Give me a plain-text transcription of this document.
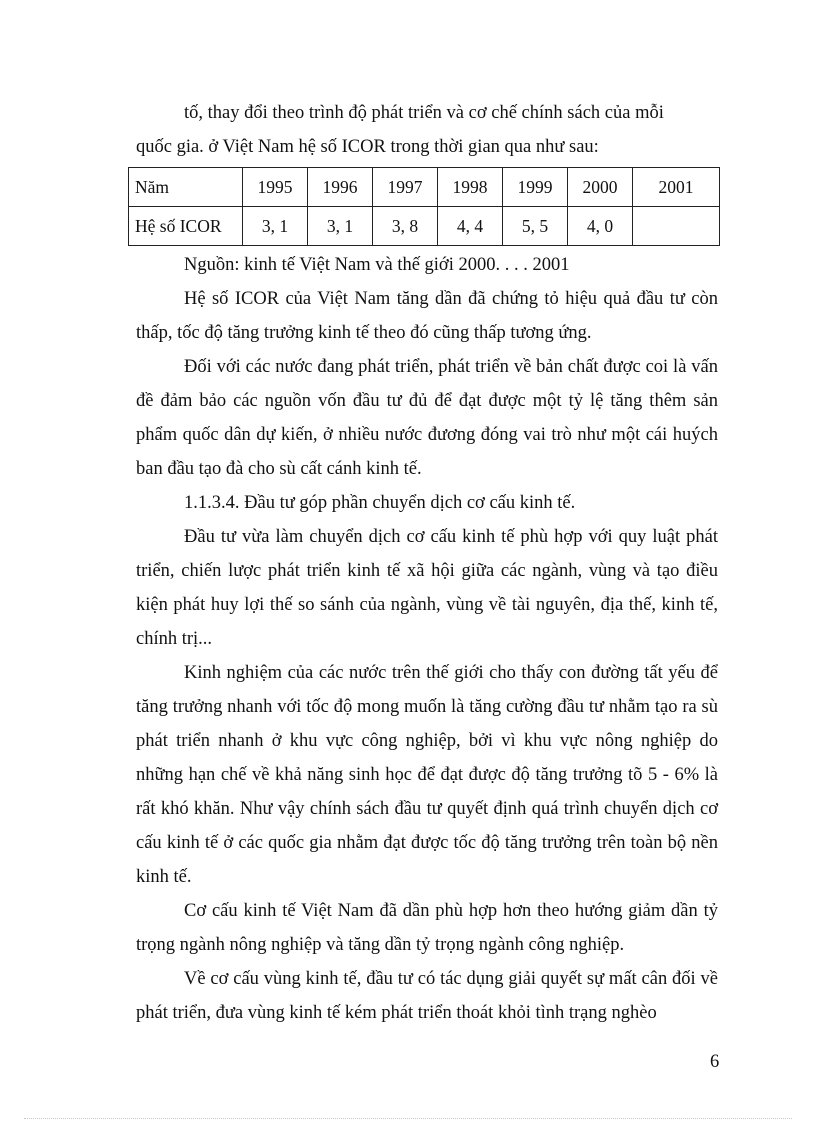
tố, thay đổi theo trình độ phát triển và cơ chế chính sách của mỗi

quốc gia. ở Việt Nam hệ số ICOR trong thời gian qua như sau:

Năm	1995	1996	1997	1998	1999	2000	2001
Hệ số ICOR	3, 1	3, 1	3, 8	4, 4	5, 5	4, 0	

Nguồn: kinh tế Việt Nam và thế giới 2000. . . . 2001

Hệ số ICOR của Việt Nam tăng dần đã chứng tỏ hiệu quả đầu tư còn thấp, tốc độ tăng trưởng kinh tế theo đó cũng thấp tương ứng.

Đối với các nước đang phát triển, phát triển về bản chất được coi là vấn đề đảm bảo các nguồn vốn đầu tư đủ để đạt được một tỷ lệ tăng thêm sản phẩm quốc dân dự kiến, ở nhiều nước đương đóng vai trò như một cái huých ban đầu tạo đà cho sù cất cánh kinh tế.

1.1.3.4. Đầu tư góp phần chuyển dịch cơ cấu kinh tế.

Đầu tư vừa làm chuyển dịch cơ cấu kinh tế phù hợp với quy luật phát triển, chiến lược phát triển kinh tế xã hội giữa các ngành, vùng và tạo điều kiện phát huy lợi thế so sánh của ngành, vùng về tài nguyên, địa thế, kinh tế, chính trị...

Kinh nghiệm của các nước trên thế giới cho thấy con đường tất yếu để tăng trưởng nhanh với tốc độ mong muốn là tăng cường đầu tư nhằm tạo ra sù phát triển nhanh ở khu vực công nghiệp, bởi vì khu vực nông nghiệp do những hạn chế về khả năng sinh học để đạt được độ tăng trưởng tõ 5 - 6% là rất khó khăn. Như vậy chính sách đầu tư quyết định quá trình chuyển dịch cơ cấu kinh tế ở các quốc gia nhằm đạt được tốc độ tăng trưởng trên toàn bộ nền kinh tế.

Cơ cấu kinh tế Việt Nam đã dần phù hợp hơn theo hướng giảm dần tỷ trọng ngành nông nghiệp và tăng dần tỷ trọng ngành công nghiệp.

Về cơ cấu vùng kinh tế, đầu tư có tác dụng giải quyết sự mất cân đối về phát triển, đưa vùng kinh tế kém phát triển thoát khỏi tình trạng nghèo

6
